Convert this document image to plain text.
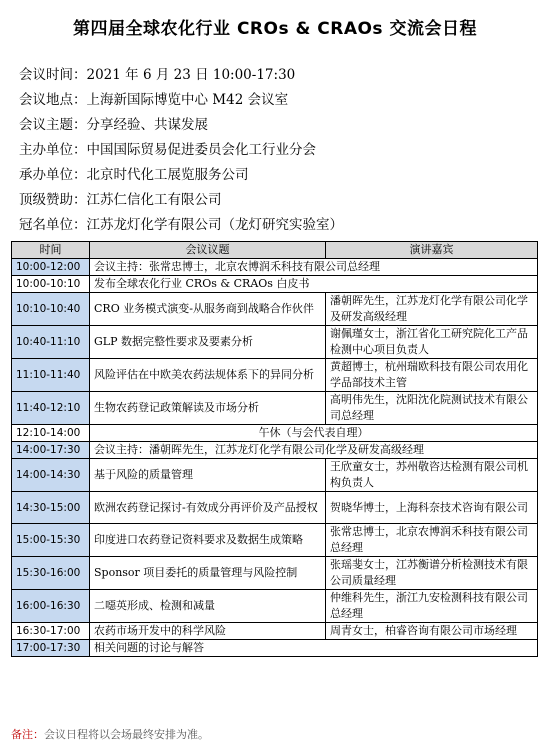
第四届全球农化行业 CROs & CRAOs 交流会日程
会议时间：2021 年 6 月 23 日 10:00-17:30
会议地点：上海新国际博览中心 M42 会议室
会议主题：分享经验、共谋发展
主办单位：中国国际贸易促进委员会化工行业分会
承办单位：北京时代化工展览服务公司
顶级赞助：江苏仁信化工有限公司
冠名单位：江苏龙灯化学有限公司（龙灯研究实验室）
时间	会议议题	演讲嘉宾
10:00-12:00	会议主持：张常忠博士，北京农博润禾科技有限公司总经理	
10:00-10:10	发布全球农化行业 CROs & CRAOs 白皮书	
10:10-10:40	CRO 业务模式演变-从服务商到战略合作伙伴	潘朝晖先生，江苏龙灯化学有限公司化学及研发高级经理
10:40-11:10	GLP 数据完整性要求及要素分析	谢佩瑾女士，浙江省化工研究院化工产品检测中心项目负责人
11:10-11:40	风险评估在中欧美农药法规体系下的异同分析	黄超博士，杭州瑞欧科技有限公司农用化学品部技术主管
11:40-12:10	生物农药登记政策解读及市场分析	高明伟先生，沈阳沈化院测试技术有限公司总经理
12:10-14:00	午休（与会代表自理）	
14:00-17:30	会议主持：潘朝晖先生，江苏龙灯化学有限公司化学及研发高级经理	
14:00-14:30	基于风险的质量管理	王欣童女士，苏州敬咨达检测有限公司机构负责人
14:30-15:00	欧洲农药登记探讨-有效成分再评价及产品授权	贺晓华博士，上海科奈技术咨询有限公司
15:00-15:30	印度进口农药登记资料要求及数据生成策略	张常忠博士，北京农博润禾科技有限公司总经理
15:30-16:00	Sponsor 项目委托的质量管理与风险控制	张瑶斐女士，江苏衡谱分析检测技术有限公司质量经理
16:00-16:30	二噁英形成、检测和减量	仲维科先生，浙江九安检测科技有限公司总经理
16:30-17:00	农药市场开发中的科学风险	周青女士，柏睿咨询有限公司市场经理
17:00-17:30	相关问题的讨论与解答	
备注：会议日程将以会场最终安排为准。
